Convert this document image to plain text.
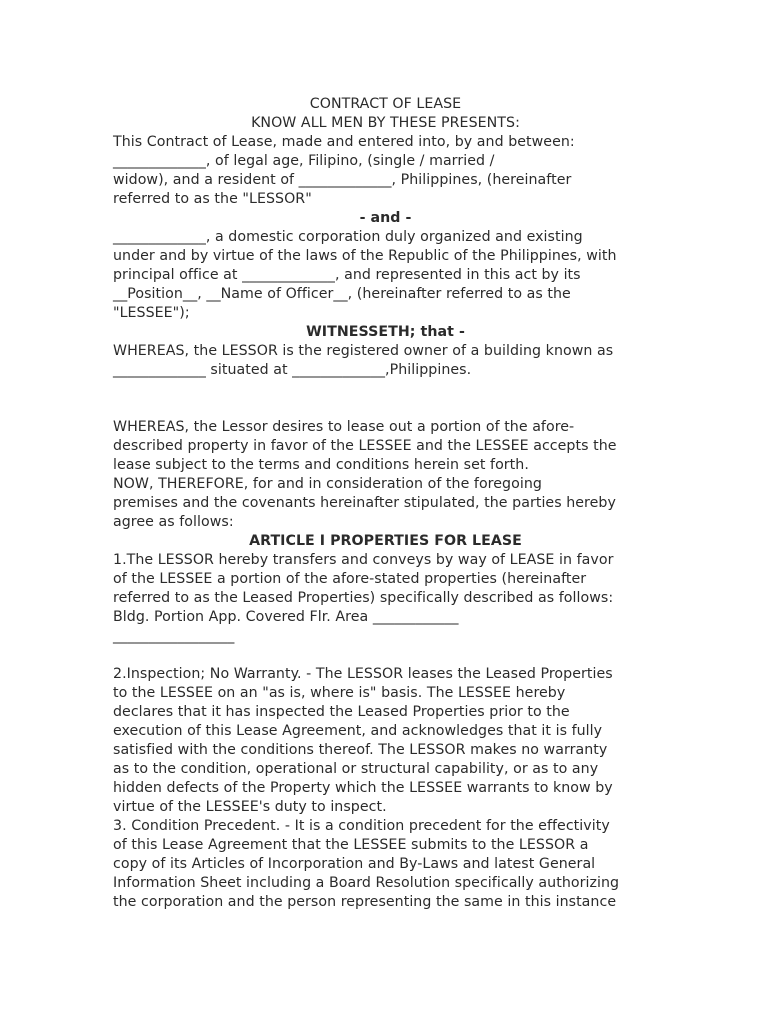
CONTRACT OF LEASE
KNOW ALL MEN BY THESE PRESENTS:
This Contract of Lease, made and entered into, by and between:
_____________, of legal age, Filipino, (single / married /
widow), and a resident of _____________, Philippines, (hereinafter
referred to as the "LESSOR"
- and -
_____________, a domestic corporation duly organized and existing
under and by virtue of the laws of the Republic of the Philippines, with
principal office at _____________, and represented in this act by its
__Position__, __Name of Officer__, (hereinafter referred to as the
"LESSEE");
WITNESSETH; that -
WHEREAS, the LESSOR is the registered owner of a building known as
_____________ situated at _____________,Philippines.
WHEREAS, the Lessor desires to lease out a portion of the afore-
described property in favor of the LESSEE and the LESSEE accepts the
lease subject to the terms and conditions herein set forth.
NOW, THEREFORE, for and in consideration of the foregoing
premises and the covenants hereinafter stipulated, the parties hereby
agree as follows:
ARTICLE I PROPERTIES FOR LEASE
1.The LESSOR hereby transfers and conveys by way of LEASE in favor
of the LESSEE a portion of the afore-stated properties (hereinafter
referred to as the Leased Properties) specifically described as follows:
Bldg. Portion App. Covered Flr. Area ____________
_________________
2.Inspection; No Warranty. - The LESSOR leases the Leased Properties
to the LESSEE on an "as is, where is" basis. The LESSEE hereby
declares that it has inspected the Leased Properties prior to the
execution of this Lease Agreement, and acknowledges that it is fully
satisfied with the conditions thereof. The LESSOR makes no warranty
as to the condition, operational or structural capability, or as to any
hidden defects of the Property which the LESSEE warrants to know by
virtue of the LESSEE's duty to inspect.
3. Condition Precedent. - It is a condition precedent for the effectivity
of this Lease Agreement that the LESSEE submits to the LESSOR a
copy of its Articles of Incorporation and By-Laws and latest General
Information Sheet including a Board Resolution specifically authorizing
the corporation and the person representing the same in this instance
